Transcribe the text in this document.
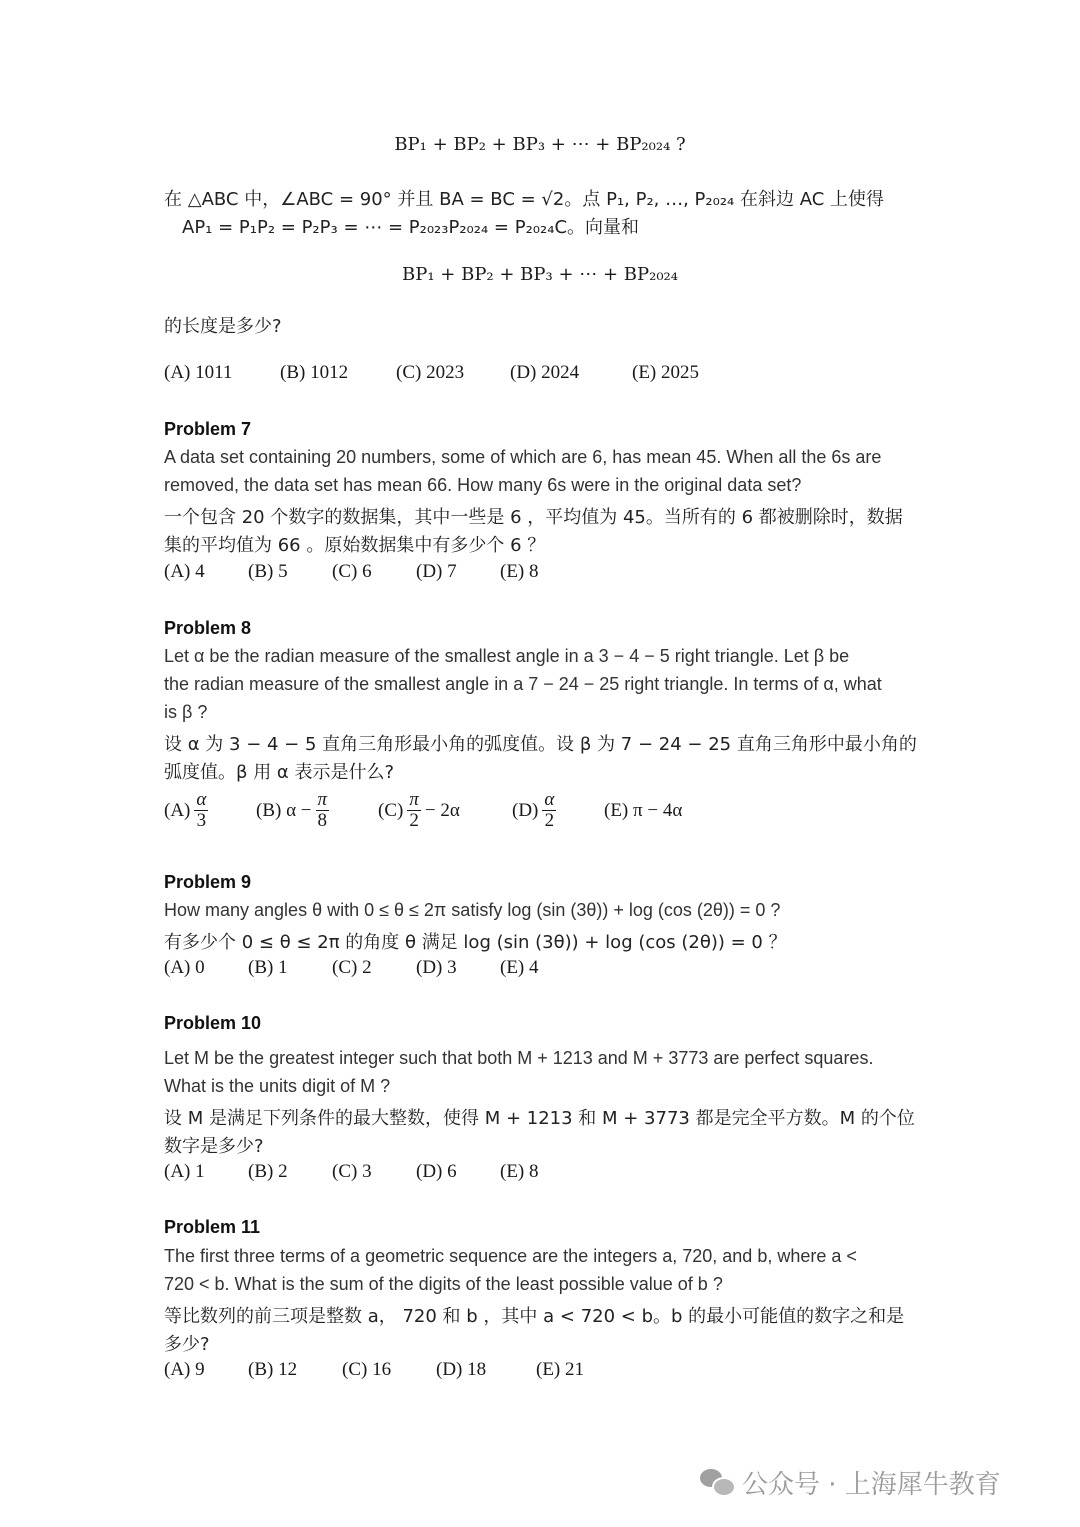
BP₁ + BP₂ + BP₃ + ⋯ + BP₂₀₂₄ ?
在 △ABC 中，∠ABC = 90° 并且 BA = BC = √2。点 P₁, P₂, …, P₂₀₂₄ 在斜边 AC 上使得
AP₁ = P₁P₂ = P₂P₃ = ⋯ = P₂₀₂₃P₂₀₂₄ = P₂₀₂₄C。向量和
BP₁ + BP₂ + BP₃ + ⋯ + BP₂₀₂₄
的长度是多少?
(A) 1011	(B) 1012	(C) 2023	(D) 2024	(E) 2025
Problem 7
A data set containing 20 numbers, some of which are 6, has mean 45. When all the 6s are
removed, the data set has mean 66. How many 6s were in the original data set?
一个包含 20 个数字的数据集，其中一些是 6 ，平均值为 45。当所有的 6 都被删除时，数据
集的平均值为 66 。原始数据集中有多少个 6 ？
(A) 4	(B) 5	(C) 6	(D) 7	(E) 8
Problem 8
Let α be the radian measure of the smallest angle in a 3 − 4 − 5 right triangle. Let β be
the radian measure of the smallest angle in a 7 − 24 − 25 right triangle. In terms of α, what
is β ?
设 α 为 3 − 4 − 5 直角三角形最小角的弧度值。设 β 为 7 − 24 − 25 直角三角形中最小角的
弧度值。β 用 α 表示是什么?
$(A) \frac{\alpha}{3}$	(B) $\alpha - \frac{\pi}{8}$	$(C) \frac{\pi}{2} - 2\alpha$	$(D) \frac{\alpha}{2}$	(E) π − 4α
Problem 9
How many angles θ with 0 ≤ θ ≤ 2π satisfy log (sin (3θ)) + log (cos (2θ)) = 0 ?
有多少个 0 ≤ θ ≤ 2π 的角度 θ 满足 log (sin (3θ)) + log (cos (2θ)) = 0 ？
(A) 0	(B) 1	(C) 2	(D) 3	(E) 4
Problem 10
Let M be the greatest integer such that both M + 1213 and M + 3773 are perfect squares.
What is the units digit of M ?
设 M 是满足下列条件的最大整数，使得 M + 1213 和 M + 3773 都是完全平方数。M 的个位
数字是多少?
(A) 1	(B) 2	(C) 3	(D) 6	(E) 8
Problem 11
The first three terms of a geometric sequence are the integers a, 720, and b, where a <
720 < b. What is the sum of the digits of the least possible value of b ?
等比数列的前三项是整数 a， 720 和 b ，其中 a < 720 < b。b 的最小可能值的数字之和是
多少?
(A) 9	(B) 12	(C) 16	(D) 18	(E) 21
公众号 · 上海犀牛教育
